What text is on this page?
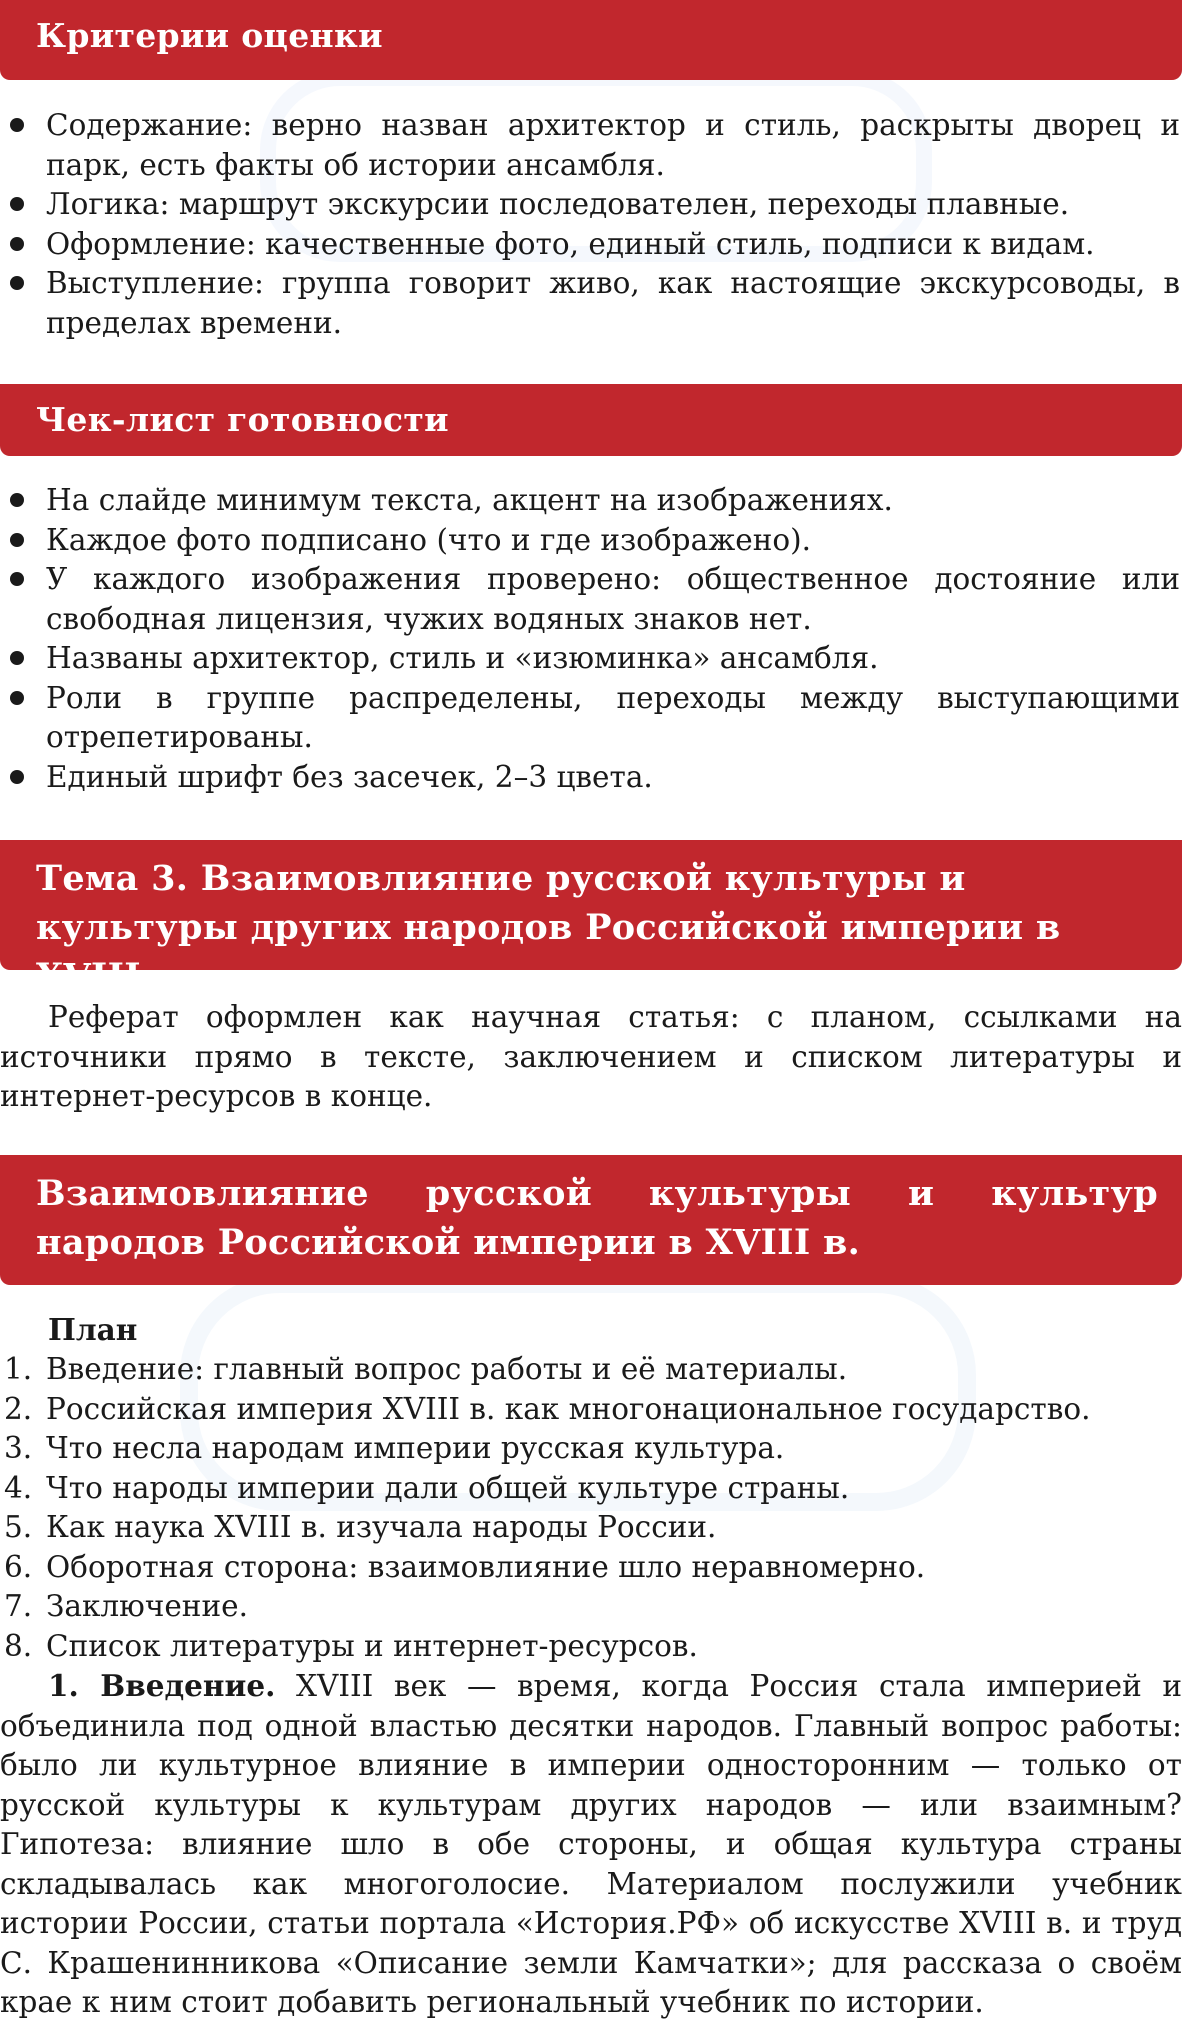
Критерии оценки
Содержание: верно назван архитектор и стиль, раскрыты дворец и парк, есть факты об истории ансамбля.
Логика: маршрут экскурсии последователен, переходы плавные.
Оформление: качественные фото, единый стиль, подписи к видам.
Выступление: группа говорит живо, как настоящие экскурсоводы, в пределах времени.
Чек-лист готовности
На слайде минимум текста, акцент на изображениях.
Каждое фото подписано (что и где изображено).
У каждого изображения проверено: общественное достояние или свободная лицензия, чужих водяных знаков нет.
Названы архитектор, стиль и «изюминка» ансамбля.
Роли в группе распределены, переходы между выступающими отрепетированы.
Единый шрифт без засечек, 2–3 цвета.
Тема 3. Взаимовлияние русской культуры и культуры других народов Российской империи в XVIII в.

Реферат оформлен как научная статья: с планом, ссылками на источники прямо в тексте, заключением и списком литературы и интернет-ресурсов в конце.

Взаимовлияние русской культуры и культур народов Российской империи в XVIII в.
План
1. Введение: главный вопрос работы и её материалы.
2. Российская империя XVIII в. как многонациональное государство.
3. Что несла народам империи русская культура.
4. Что народы империи дали общей культуре страны.
5. Как наука XVIII в. изучала народы России.
6. Оборотная сторона: взаимовлияние шло неравномерно.
7. Заключение.
8. Список литературы и интернет-ресурсов.

1. Введение. XVIII век — время, когда Россия стала империей и объединила под одной властью десятки народов. Главный вопрос работы: было ли культурное влияние в империи односторонним — только от русской культуры к культурам других народов — или взаимным? Гипотеза: влияние шло в обе стороны, и общая культура страны складывалась как многоголосие. Материалом послужили учебник истории России, статьи портала «История.РФ» об искусстве XVIII в. и труд С. Крашенинникова «Описание земли Камчатки»; для рассказа о своём крае к ним стоит добавить региональный учебник по истории.
